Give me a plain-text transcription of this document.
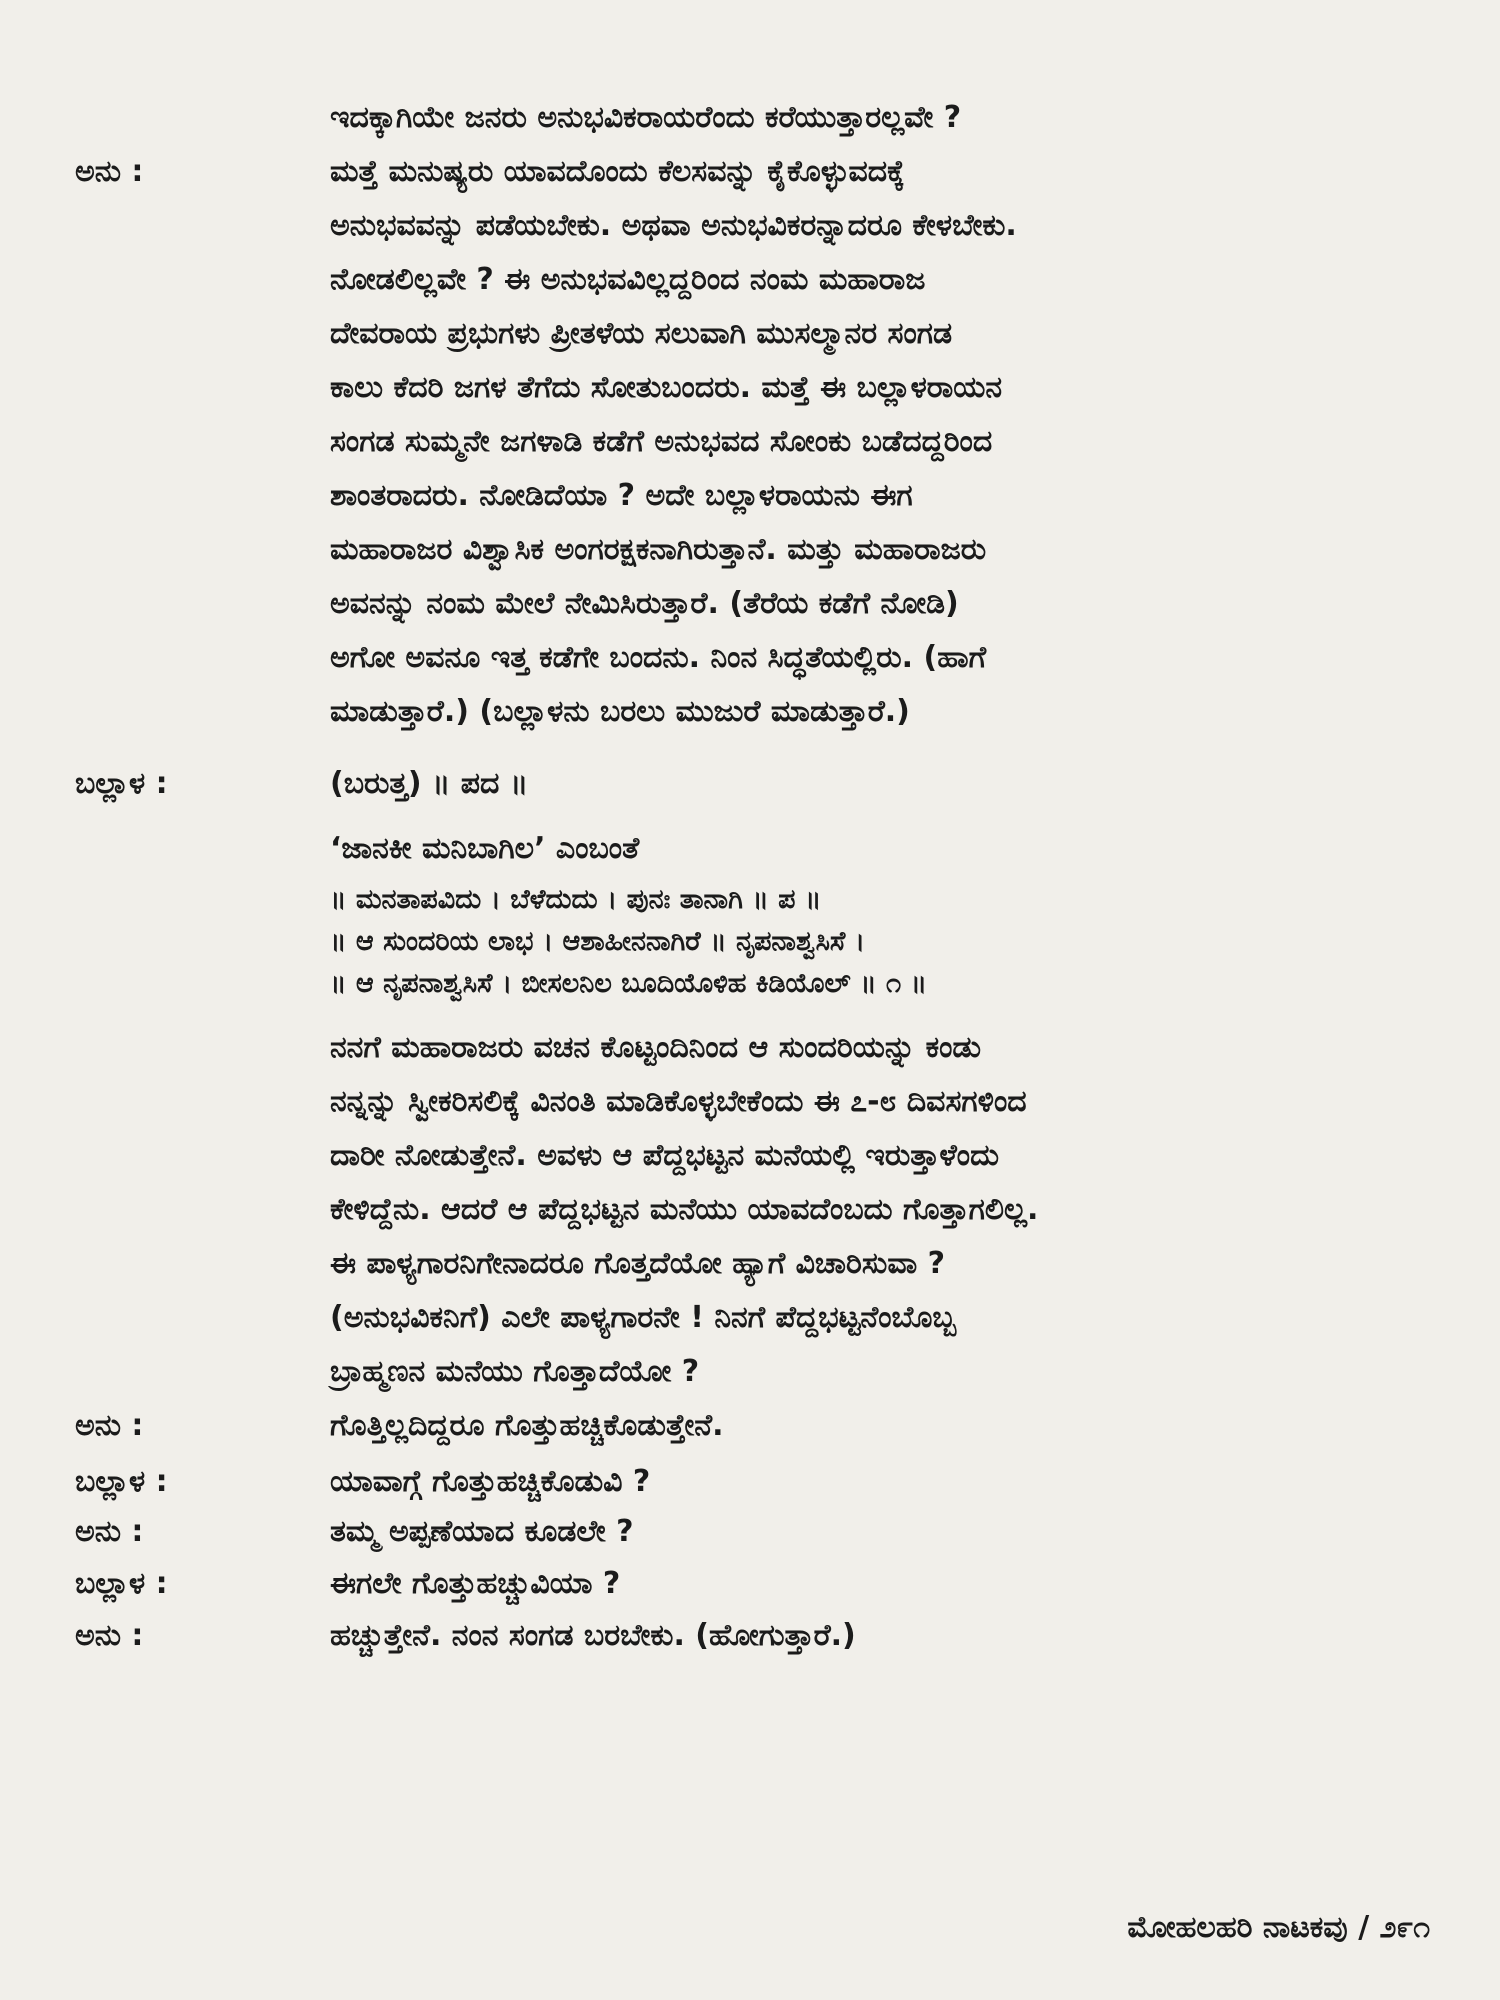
ಇದಕ್ಕಾಗಿಯೇ ಜನರು ಅನುಭವಿಕರಾಯರೆಂದು ಕರೆಯುತ್ತಾರಲ್ಲವೇ ?
ಅನು :	ಮತ್ತೆ ಮನುಷ್ಯರು ಯಾವದೊಂದು ಕೆಲಸವನ್ನು ಕೈಕೊಳ್ಳುವದಕ್ಕೆ
ಅನುಭವವನ್ನು ಪಡೆಯಬೇಕು. ಅಥವಾ ಅನುಭವಿಕರನ್ನಾದರೂ ಕೇಳಬೇಕು.
ನೋಡಲಿಲ್ಲವೇ ? ಈ ಅನುಭವವಿಲ್ಲದ್ದರಿಂದ ನಂಮ ಮಹಾರಾಜ
ದೇವರಾಯ ಪ್ರಭುಗಳು ಪ್ರೀತಳೆಯ ಸಲುವಾಗಿ ಮುಸಲ್ಮಾನರ ಸಂಗಡ
ಕಾಲು ಕೆದರಿ ಜಗಳ ತೆಗೆದು ಸೋತುಬಂದರು. ಮತ್ತೆ ಈ ಬಲ್ಲಾಳರಾಯನ
ಸಂಗಡ ಸುಮ್ಮನೇ ಜಗಳಾಡಿ ಕಡೆಗೆ ಅನುಭವದ ಸೋಂಕು ಬಡೆದದ್ದರಿಂದ
ಶಾಂತರಾದರು. ನೋಡಿದೆಯಾ ? ಅದೇ ಬಲ್ಲಾಳರಾಯನು ಈಗ
ಮಹಾರಾಜರ ವಿಶ್ವಾಸಿಕ ಅಂಗರಕ್ಷಕನಾಗಿರುತ್ತಾನೆ. ಮತ್ತು ಮಹಾರಾಜರು
ಅವನನ್ನು ನಂಮ ಮೇಲೆ ನೇಮಿಸಿರುತ್ತಾರೆ. (ತೆರೆಯ ಕಡೆಗೆ ನೋಡಿ)
ಅಗೋ ಅವನೂ ಇತ್ತ ಕಡೆಗೇ ಬಂದನು. ನಿಂನ ಸಿದ್ಧತೆಯಲ್ಲಿರು. (ಹಾಗೆ
ಮಾಡುತ್ತಾರೆ.) (ಬಲ್ಲಾಳನು ಬರಲು ಮುಜುರೆ ಮಾಡುತ್ತಾರೆ.)
ಬಲ್ಲಾಳ :	(ಬರುತ್ತ) ॥ ಪದ ॥
‘ಜಾನಕೀ ಮನಿಬಾಗಿಲ’ ಎಂಬಂತೆ
॥ ಮನತಾಪವಿದು । ಬೆಳೆದುದು । ಪುನಃ ತಾನಾಗಿ ॥ ಪ ॥
॥ ಆ ಸುಂದರಿಯ ಲಾಭ । ಆಶಾಹೀನನಾಗಿರೆ ॥ ನೃಪನಾಶ್ವಸಿಸೆ ।
॥ ಆ ನೃಪನಾಶ್ವಸಿಸೆ । ಬೀಸಲನಿಲ ಬೂದಿಯೊಳಿಹ ಕಿಡಿಯೊಲ್ ॥ ೧ ॥
ನನಗೆ ಮಹಾರಾಜರು ವಚನ ಕೊಟ್ಟಂದಿನಿಂದ ಆ ಸುಂದರಿಯನ್ನು ಕಂಡು
ನನ್ನನ್ನು ಸ್ವೀಕರಿಸಲಿಕ್ಕೆ ವಿನಂತಿ ಮಾಡಿಕೊಳ್ಳಬೇಕೆಂದು ಈ ೭-೮ ದಿವಸಗಳಿಂದ
ದಾರೀ ನೋಡುತ್ತೇನೆ. ಅವಳು ಆ ಪೆದ್ದಭಟ್ಟನ ಮನೆಯಲ್ಲಿ ಇರುತ್ತಾಳೆಂದು
ಕೇಳಿದ್ದೆನು. ಆದರೆ ಆ ಪೆದ್ದಭಟ್ಟನ ಮನೆಯು ಯಾವದೆಂಬದು ಗೊತ್ತಾಗಲಿಲ್ಲ.
ಈ ಪಾಳ್ಯಗಾರನಿಗೇನಾದರೂ ಗೊತ್ತದೆಯೋ ಹ್ಯಾಗೆ ವಿಚಾರಿಸುವಾ ?
(ಅನುಭವಿಕನಿಗೆ) ಎಲೇ ಪಾಳ್ಯಗಾರನೇ ! ನಿನಗೆ ಪೆದ್ದಭಟ್ಟನೆಂಬೊಬ್ಬ
ಬ್ರಾಹ್ಮಣನ ಮನೆಯು ಗೊತ್ತಾದೆಯೋ ?
ಅನು :	ಗೊತ್ತಿಲ್ಲದಿದ್ದರೂ ಗೊತ್ತುಹಚ್ಚಿಕೊಡುತ್ತೇನೆ.
ಬಲ್ಲಾಳ :	ಯಾವಾಗ್ಗೆ ಗೊತ್ತುಹಚ್ಚಿಕೊಡುವಿ ?
ಅನು :	ತಮ್ಮ ಅಪ್ಪಣೆಯಾದ ಕೂಡಲೇ ?
ಬಲ್ಲಾಳ :	ಈಗಲೇ ಗೊತ್ತುಹಚ್ಚುವಿಯಾ ?
ಅನು :	ಹಚ್ಚುತ್ತೇನೆ. ನಂನ ಸಂಗಡ ಬರಬೇಕು. (ಹೋಗುತ್ತಾರೆ.)
ಮೋಹಲಹರಿ ನಾಟಕವು / ೨೯೧
